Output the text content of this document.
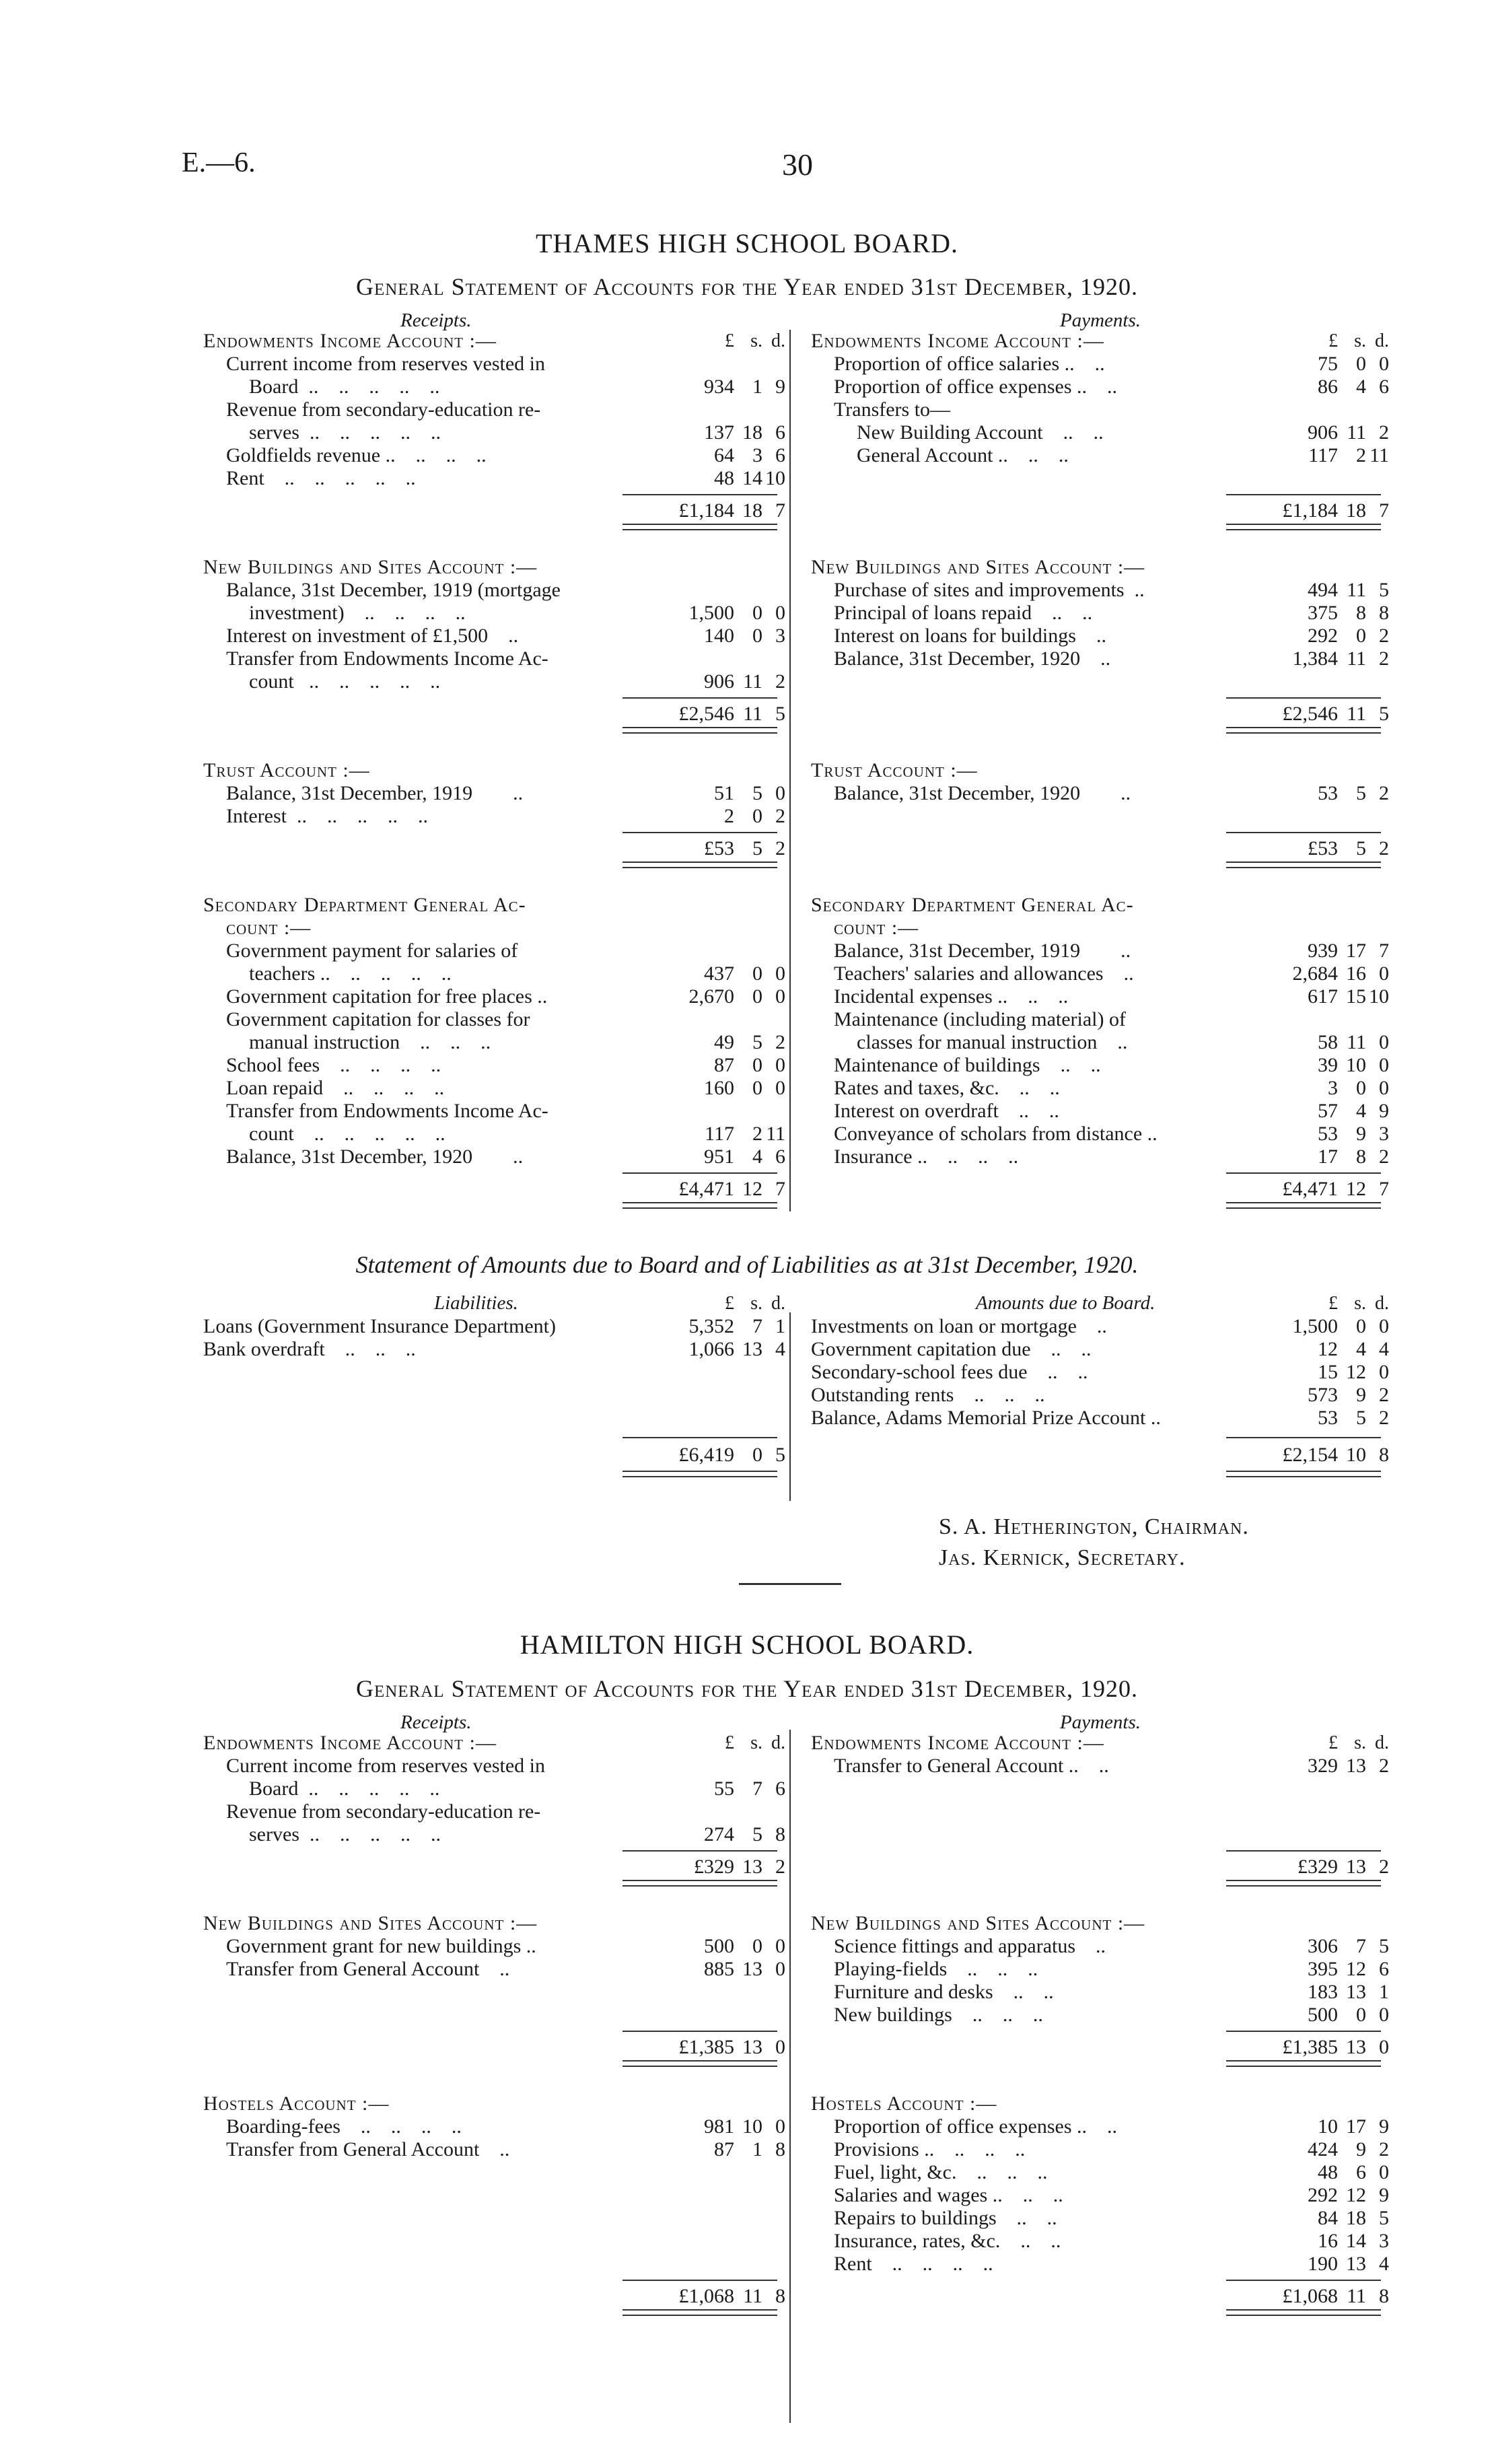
E.—6.	30
THAMES HIGH SCHOOL BOARD.
General Statement of Accounts for the Year ended 31st December, 1920.
Receipts.	Payments.
Endowments Income Account :—	£ s. d.
Current income from reserves vested in
Board  ..    ..    ..    ..    ..	934 1 9
Revenue from secondary-education re-
serves  ..    ..    ..    ..    ..	137 18 6
Goldfields revenue ..    ..    ..    ..	64 3 6
Rent    ..    ..    ..    ..    ..	48 14 10
£1,184 18 7
New Buildings and Sites Account :—
Balance, 31st December, 1919 (mortgage
investment)    ..    ..    ..    ..	1,500 0 0
Interest on investment of £1,500    ..	140 0 3
Transfer from Endowments Income Ac-
count   ..    ..    ..    ..    ..	906 11 2
£2,546 11 5
Trust Account :—
Balance, 31st December, 1919        ..	51 5 0
Interest  ..    ..    ..    ..    ..	2 0 2
£53 5 2
Secondary Department General Ac-
count :—
Government payment for salaries of
teachers ..    ..    ..    ..    ..	437 0 0
Government capitation for free places ..	2,670 0 0
Government capitation for classes for
manual instruction    ..    ..    ..	49 5 2
School fees    ..    ..    ..    ..	87 0 0
Loan repaid    ..    ..    ..    ..	160 0 0
Transfer from Endowments Income Ac-
count    ..    ..    ..    ..    ..	117 2 11
Balance, 31st December, 1920        ..	951 4 6
£4,471 12 7
Endowments Income Account :—	£ s. d.
Proportion of office salaries ..    ..	75 0 0
Proportion of office expenses ..    ..	86 4 6
Transfers to—
New Building Account    ..    ..	906 11 2
General Account ..    ..    ..	117 2 11
£1,184 18 7
New Buildings and Sites Account :—
Purchase of sites and improvements  ..	494 11 5
Principal of loans repaid    ..    ..	375 8 8
Interest on loans for buildings    ..	292 0 2
Balance, 31st December, 1920    ..	1,384 11 2
£2,546 11 5
Trust Account :—
Balance, 31st December, 1920        ..	53 5 2
£53 5 2
Secondary Department General Ac-
count :—
Balance, 31st December, 1919        ..	939 17 7
Teachers' salaries and allowances    ..	2,684 16 0
Incidental expenses ..    ..    ..	617 15 10
Maintenance (including material) of
classes for manual instruction    ..	58 11 0
Maintenance of buildings    ..    ..	39 10 0
Rates and taxes, &c.    ..    ..	3 0 0
Interest on overdraft    ..    ..	57 4 9
Conveyance of scholars from distance ..	53 9 3
Insurance ..    ..    ..    ..	17 8 2
£4,471 12 7
Statement of Amounts due to Board and of Liabilities as at 31st December, 1920.
Liabilities.	Amounts due to Board.
£ s. d.	£ s. d.
Loans (Government Insurance Department)	5,352 7 1
Bank overdraft    ..    ..    ..	1,066 13 4
Investments on loan or mortgage    ..	1,500 0 0
Government capitation due    ..    ..	12 4 4
Secondary-school fees due    ..    ..	15 12 0
Outstanding rents    ..    ..    ..	573 9 2
Balance, Adams Memorial Prize Account ..	53 5 2
£6,419 0 5	£2,154 10 8
S. A. Hetherington, Chairman.
Jas. Kernick, Secretary.
HAMILTON HIGH SCHOOL BOARD.
General Statement of Accounts for the Year ended 31st December, 1920.
Receipts.	Payments.
Endowments Income Account :—	£ s. d.
Current income from reserves vested in
Board  ..    ..    ..    ..    ..	55 7 6
Revenue from secondary-education re-
serves  ..    ..    ..    ..    ..	274 5 8
£329 13 2
New Buildings and Sites Account :—
Government grant for new buildings ..	500 0 0
Transfer from General Account    ..	885 13 0
£1,385 13 0
Hostels Account :—
Boarding-fees    ..    ..    ..    ..	981 10 0
Transfer from General Account    ..	87 1 8
£1,068 11 8
Endowments Income Account :—	£ s. d.
Transfer to General Account ..    ..	329 13 2
£329 13 2
New Buildings and Sites Account :—
Science fittings and apparatus    ..	306 7 5
Playing-fields    ..    ..    ..	395 12 6
Furniture and desks    ..    ..	183 13 1
New buildings    ..    ..    ..	500 0 0
£1,385 13 0
Hostels Account :—
Proportion of office expenses ..    ..	10 17 9
Provisions ..    ..    ..    ..	424 9 2
Fuel, light, &c.    ..    ..    ..	48 6 0
Salaries and wages ..    ..    ..	292 12 9
Repairs to buildings    ..    ..	84 18 5
Insurance, rates, &c.    ..    ..	16 14 3
Rent    ..    ..    ..    ..	190 13 4
£1,068 11 8
